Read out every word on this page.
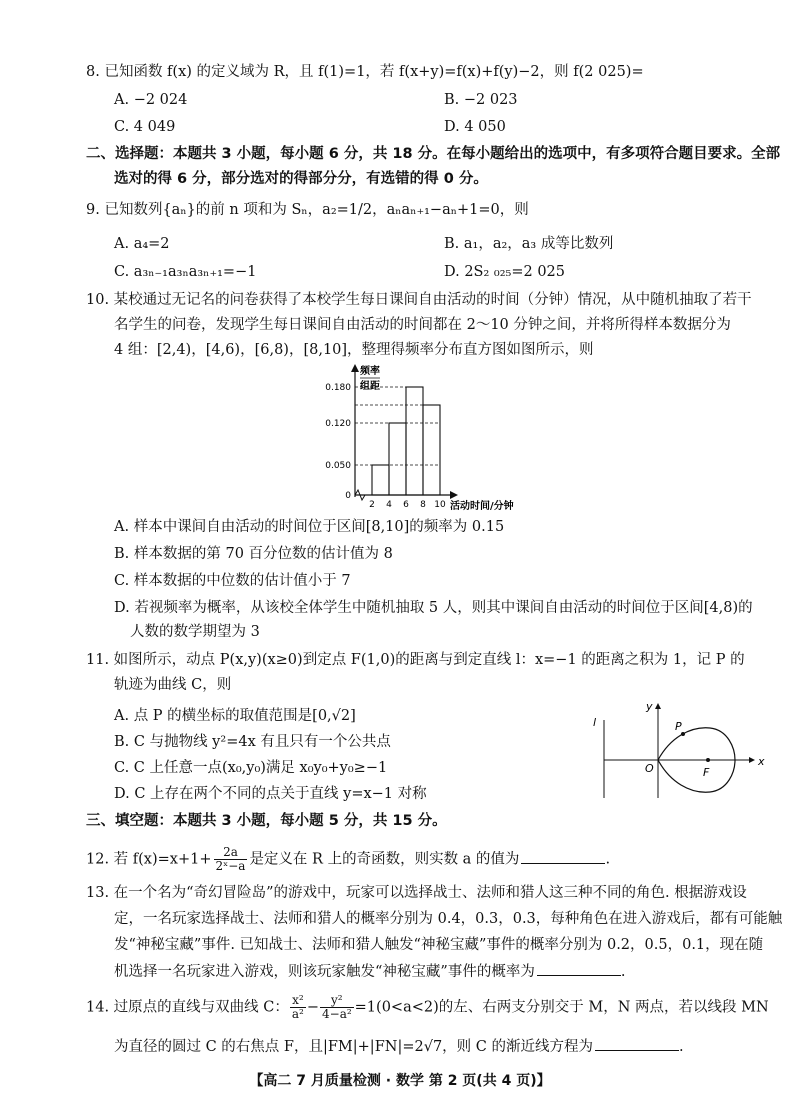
8. 已知函数 f(x) 的定义域为 R，且 f(1)=1，若 f(x+y)=f(x)+f(y)−2，则 f(2 025)=
A. −2 024	B. −2 023
C. 4 049	D. 4 050
二、选择题：本题共 3 小题，每小题 6 分，共 18 分。在每小题给出的选项中，有多项符合题目要求。全部
选对的得 6 分，部分选对的得部分分，有选错的得 0 分。
9. 已知数列{aₙ}的前 n 项和为 Sₙ，a₂=1/2，aₙaₙ₊₁−aₙ+1=0，则
A. a₄=2	B. a₁，a₂，a₃ 成等比数列
C. a₃ₙ₋₁a₃ₙa₃ₙ₊₁=−1	D. 2S₂ ₀₂₅=2 025
10. 某校通过无记名的问卷获得了本校学生每日课间自由活动的时间（分钟）情况，从中随机抽取了若干
名学生的问卷，发现学生每日课间自由活动的时间都在 2～10 分钟之间，并将所得样本数据分为
4 组：[2,4)，[4,6)，[6,8)，[8,10]，整理得频率分布直方图如图所示，则
频率
组距
0.180
0.120
0.050
0
2 4 6 8 10 活动时间/分钟
A. 样本中课间自由活动的时间位于区间[8,10]的频率为 0.15
B. 样本数据的第 70 百分位数的估计值为 8
C. 样本数据的中位数的估计值小于 7
D. 若视频率为概率，从该校全体学生中随机抽取 5 人，则其中课间自由活动的时间位于区间[4,8)的
人数的数学期望为 3
11. 如图所示，动点 P(x,y)(x≥0)到定点 F(1,0)的距离与到定直线 l：x=−1 的距离之积为 1，记 P 的
轨迹为曲线 C，则
A. 点 P 的横坐标的取值范围是[0,√2]
B. C 与抛物线 y²=4x 有且只有一个公共点
C. C 上任意一点(x₀,y₀)满足 x₀y₀+y₀≥−1
D. C 上存在两个不同的点关于直线 y=x−1 对称
l
y
x
O	F
P
三、填空题：本题共 3 小题，每小题 5 分，共 15 分。
12. 若 $f(x)=x+1+ \frac{2a}{\text{2ˣ−a}}$ 是定义在 R 上的奇函数，则实数 a 的值为	.
13. 在一个名为“奇幻冒险岛”的游戏中，玩家可以选择战士、法师和猎人这三种不同的角色. 根据游戏设
定，一名玩家选择战士、法师和猎人的概率分别为 0.4，0.3，0.3，每种角色在进入游戏后，都有可能触
发“神秘宝藏”事件. 已知战士、法师和猎人触发“神秘宝藏”事件的概率分别为 0.2，0.5，0.1，现在随
机选择一名玩家进入游戏，则该玩家触发“神秘宝藏”事件的概率为	.
14. 过原点的直线与双曲线 C： $\frac{\text{x²}}{\text{a²}} - \frac{\text{y²}}{\text{4−a²}} =1(0<a<2)$的左、右两支分别交于 M，N 两点，若以线段 MN
为直径的圆过 C 的右焦点 F，且|FM|+|FN|=2√7，则 C 的渐近线方程为	.
【高二 7 月质量检测 · 数学 第 2 页(共 4 页)】
